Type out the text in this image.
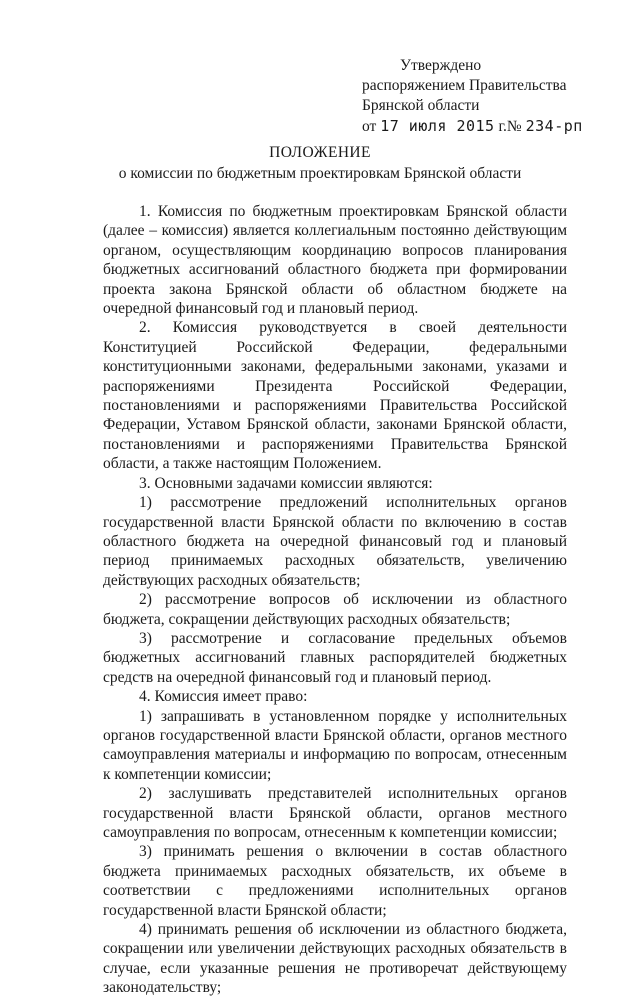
Утверждено
распоряжением Правительства
Брянской области
от 17 июля 2015 г.№ 234-рп
ПОЛОЖЕНИЕ
о комиссии по бюджетным проектировкам Брянской области

1. Комиссия по бюджетным проектировкам Брянской области (далее – комиссия) является коллегиальным постоянно действующим органом, осуществляющим координацию вопросов планирования бюджетных ассигнований областного бюджета при формировании проекта закона Брянской области об областном бюджете на очередной финансовый год и плановый период.

2. Комиссия руководствуется в своей деятельности Конституцией Российской Федерации, федеральными конституционными законами, федеральными законами, указами и распоряжениями Президента Российской Федерации, постановлениями и распоряжениями Правительства Российской Федерации, Уставом Брянской области, законами Брянской области, постановлениями и распоряжениями Правительства Брянской области, а также настоящим Положением.

3. Основными задачами комиссии являются:

1) рассмотрение предложений исполнительных органов государственной власти Брянской области по включению в состав областного бюджета на очередной финансовый год и плановый период принимаемых расходных обязательств, увеличению действующих расходных обязательств;

2) рассмотрение вопросов об исключении из областного бюджета, сокращении действующих расходных обязательств;

3) рассмотрение и согласование предельных объемов бюджетных ассигнований главных распорядителей бюджетных средств на очередной финансовый год и плановый период.

4. Комиссия имеет право:

1) запрашивать в установленном порядке у исполнительных органов государственной власти Брянской области, органов местного самоуправления материалы и информацию по вопросам, отнесенным к компетенции комиссии;

2) заслушивать представителей исполнительных органов государственной власти Брянской области, органов местного самоуправления по вопросам, отнесенным к компетенции комиссии;

3) принимать решения о включении в состав областного бюджета принимаемых расходных обязательств, их объеме в соответствии с предложениями исполнительных органов государственной власти Брянской области;

4) принимать решения об исключении из областного бюджета, сокращении или увеличении действующих расходных обязательств в случае, если указанные решения не противоречат действующему законодательству;
